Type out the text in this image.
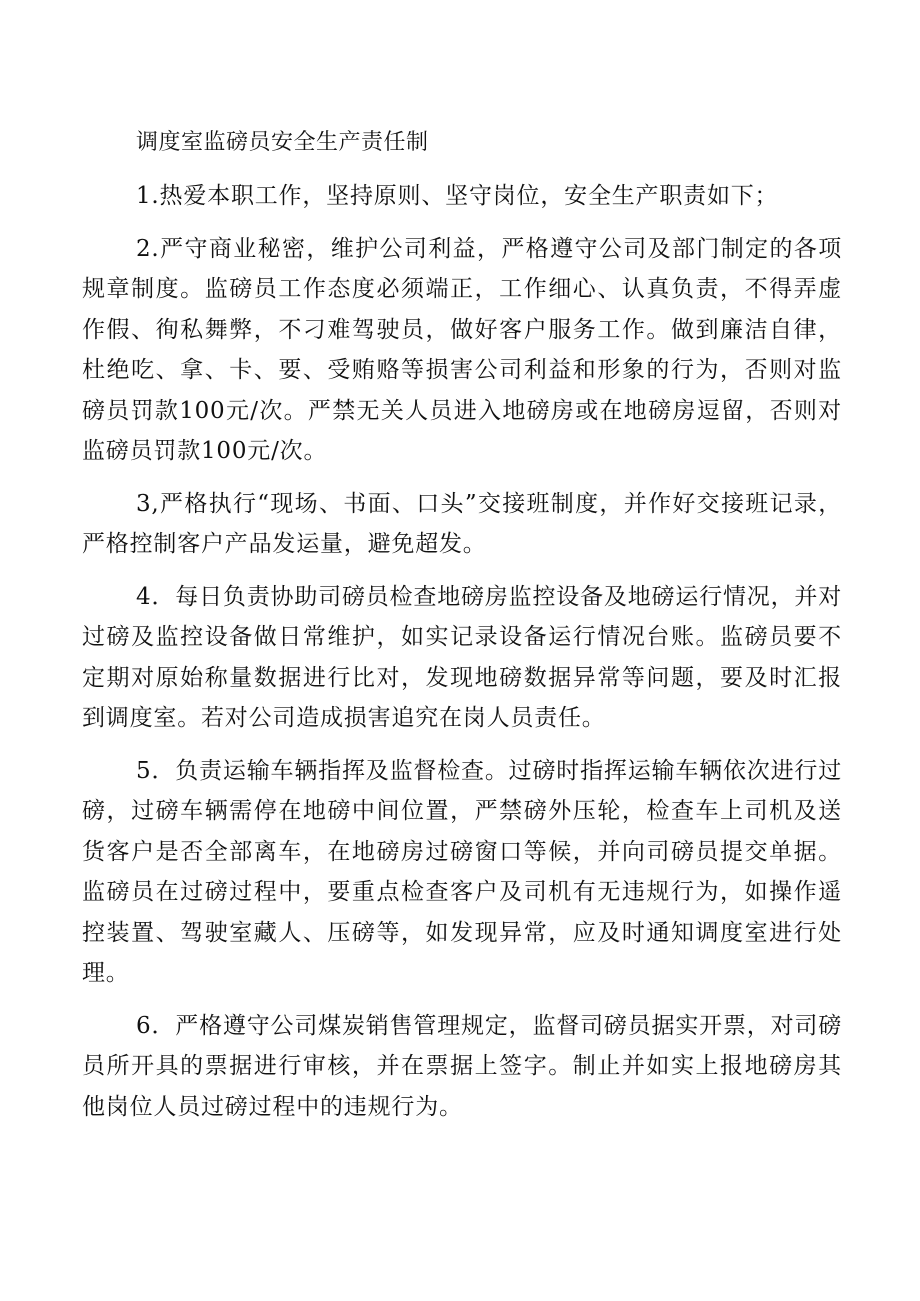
调度室监磅员安全生产责任制

1.热爱本职工作，坚持原则、坚守岗位，安全生产职责如下；

2.严守商业秘密，维护公司利益，严格遵守公司及部门制定的各项规章制度。监磅员工作态度必须端正，工作细心、认真负责，不得弄虚作假、徇私舞弊，不刁难驾驶员，做好客户服务工作。做到廉洁自律，杜绝吃、拿、卡、要、受贿赂等损害公司利益和形象的行为，否则对监磅员罚款100元/次。严禁无关人员进入地磅房或在地磅房逗留，否则对监磅员罚款100元/次。

3,严格执行“现场、书面、口头”交接班制度，并作好交接班记录，严格控制客户产品发运量，避免超发。

4．每日负责协助司磅员检查地磅房监控设备及地磅运行情况，并对过磅及监控设备做日常维护，如实记录设备运行情况台账。监磅员要不定期对原始称量数据进行比对，发现地磅数据异常等问题，要及时汇报到调度室。若对公司造成损害追究在岗人员责任。

5．负责运输车辆指挥及监督检查。过磅时指挥运输车辆依次进行过磅，过磅车辆需停在地磅中间位置，严禁磅外压轮，检查车上司机及送货客户是否全部离车，在地磅房过磅窗口等候，并向司磅员提交单据。监磅员在过磅过程中，要重点检查客户及司机有无违规行为，如操作遥控装置、驾驶室藏人、压磅等，如发现异常，应及时通知调度室进行处理。

6．严格遵守公司煤炭销售管理规定，监督司磅员据实开票，对司磅员所开具的票据进行审核，并在票据上签字。制止并如实上报地磅房其他岗位人员过磅过程中的违规行为。
